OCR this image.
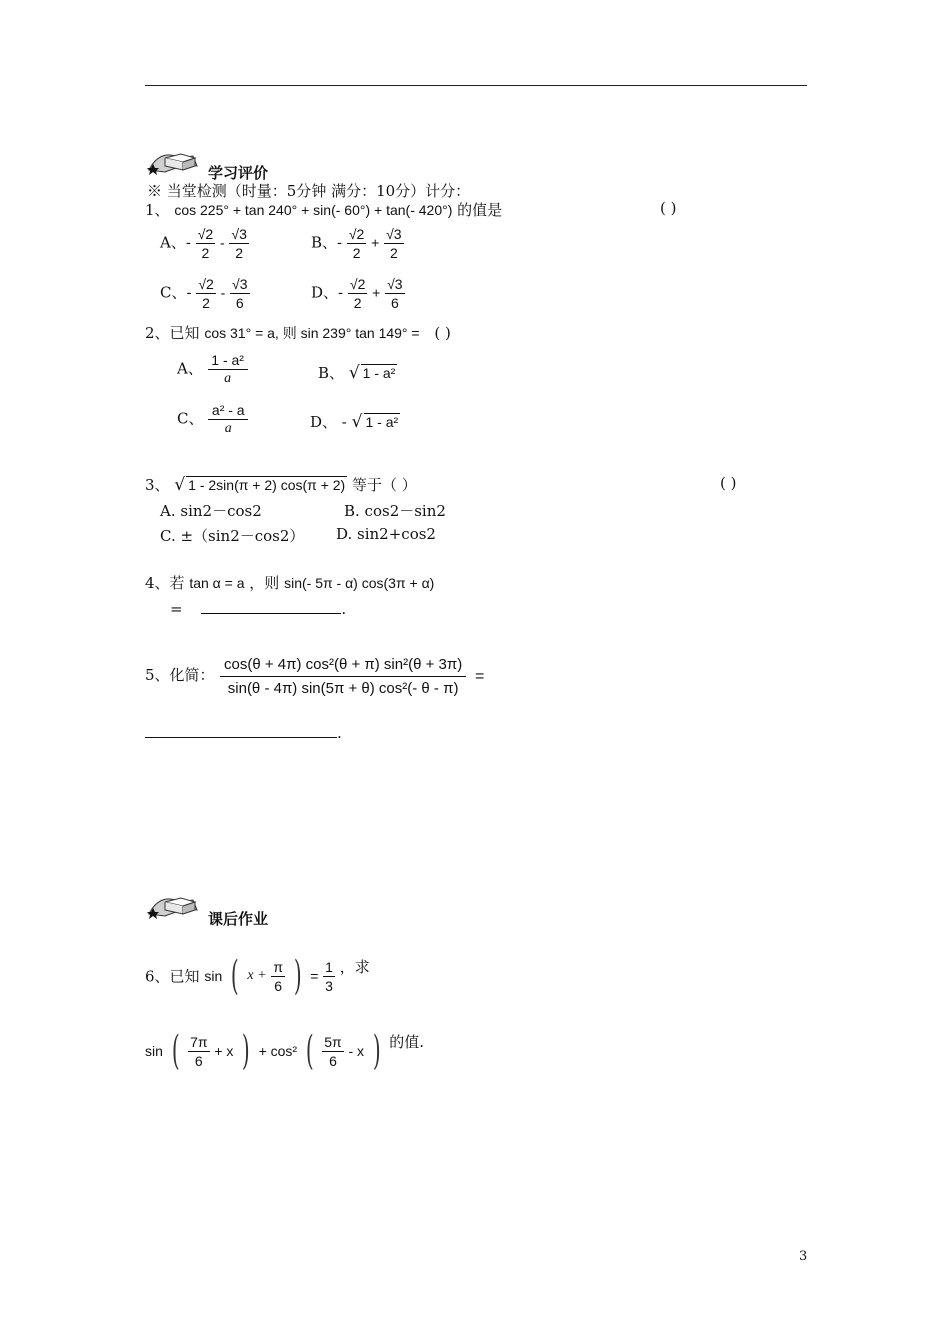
学习评价
※ 当堂检测（时量：5分钟 满分：10分）计分：
1、 cos 225° + tan 240° + sin(- 60°) + tan(- 420°) 的值是	( )
A、- $\frac{√2}{2} - \frac{√3}{2}$	B、- $\frac{√2}{2} + \frac{√3}{2}$
C、- $\frac{√2}{2} - \frac{√3}{6}$	D、- $\frac{√2}{2} + \frac{√3}{6}$
2、已知 cos 31° = a, 则 sin 239° tan 149° = ( )
A、 $\frac{\text{1 - a²}}{a}$	B、 √ 1 - a²
C、 $\frac{\text{a² - a}}{a}$	D、 - √ 1 - a²
3、 √ 1 - 2sin(π + 2) cos(π + 2) 等于（ ）	( )
A. sin2－cos2	B. cos2－sin2
C. ±（sin2－cos2） D. sin2+cos2
4、若 tan α = a ，则 sin(- 5π - α) cos(3π + α)
=	.
5、化简： $\frac{\text{cos(θ + 4π) cos²(θ + π) sin²(θ + 3π)}}{\text{sin(θ - 4π) sin(5π + θ) cos²(- θ - π)}}$ =
.
课后作业
6、已知 sin ( $x + \frac{\pi}{6}$ ) = $\frac{1}{3}$ ，求
sin ( $\frac{7\pi}{6} + x$ ) + cos² ( $\frac{5\pi}{6}$ - x ) 的值.
3
